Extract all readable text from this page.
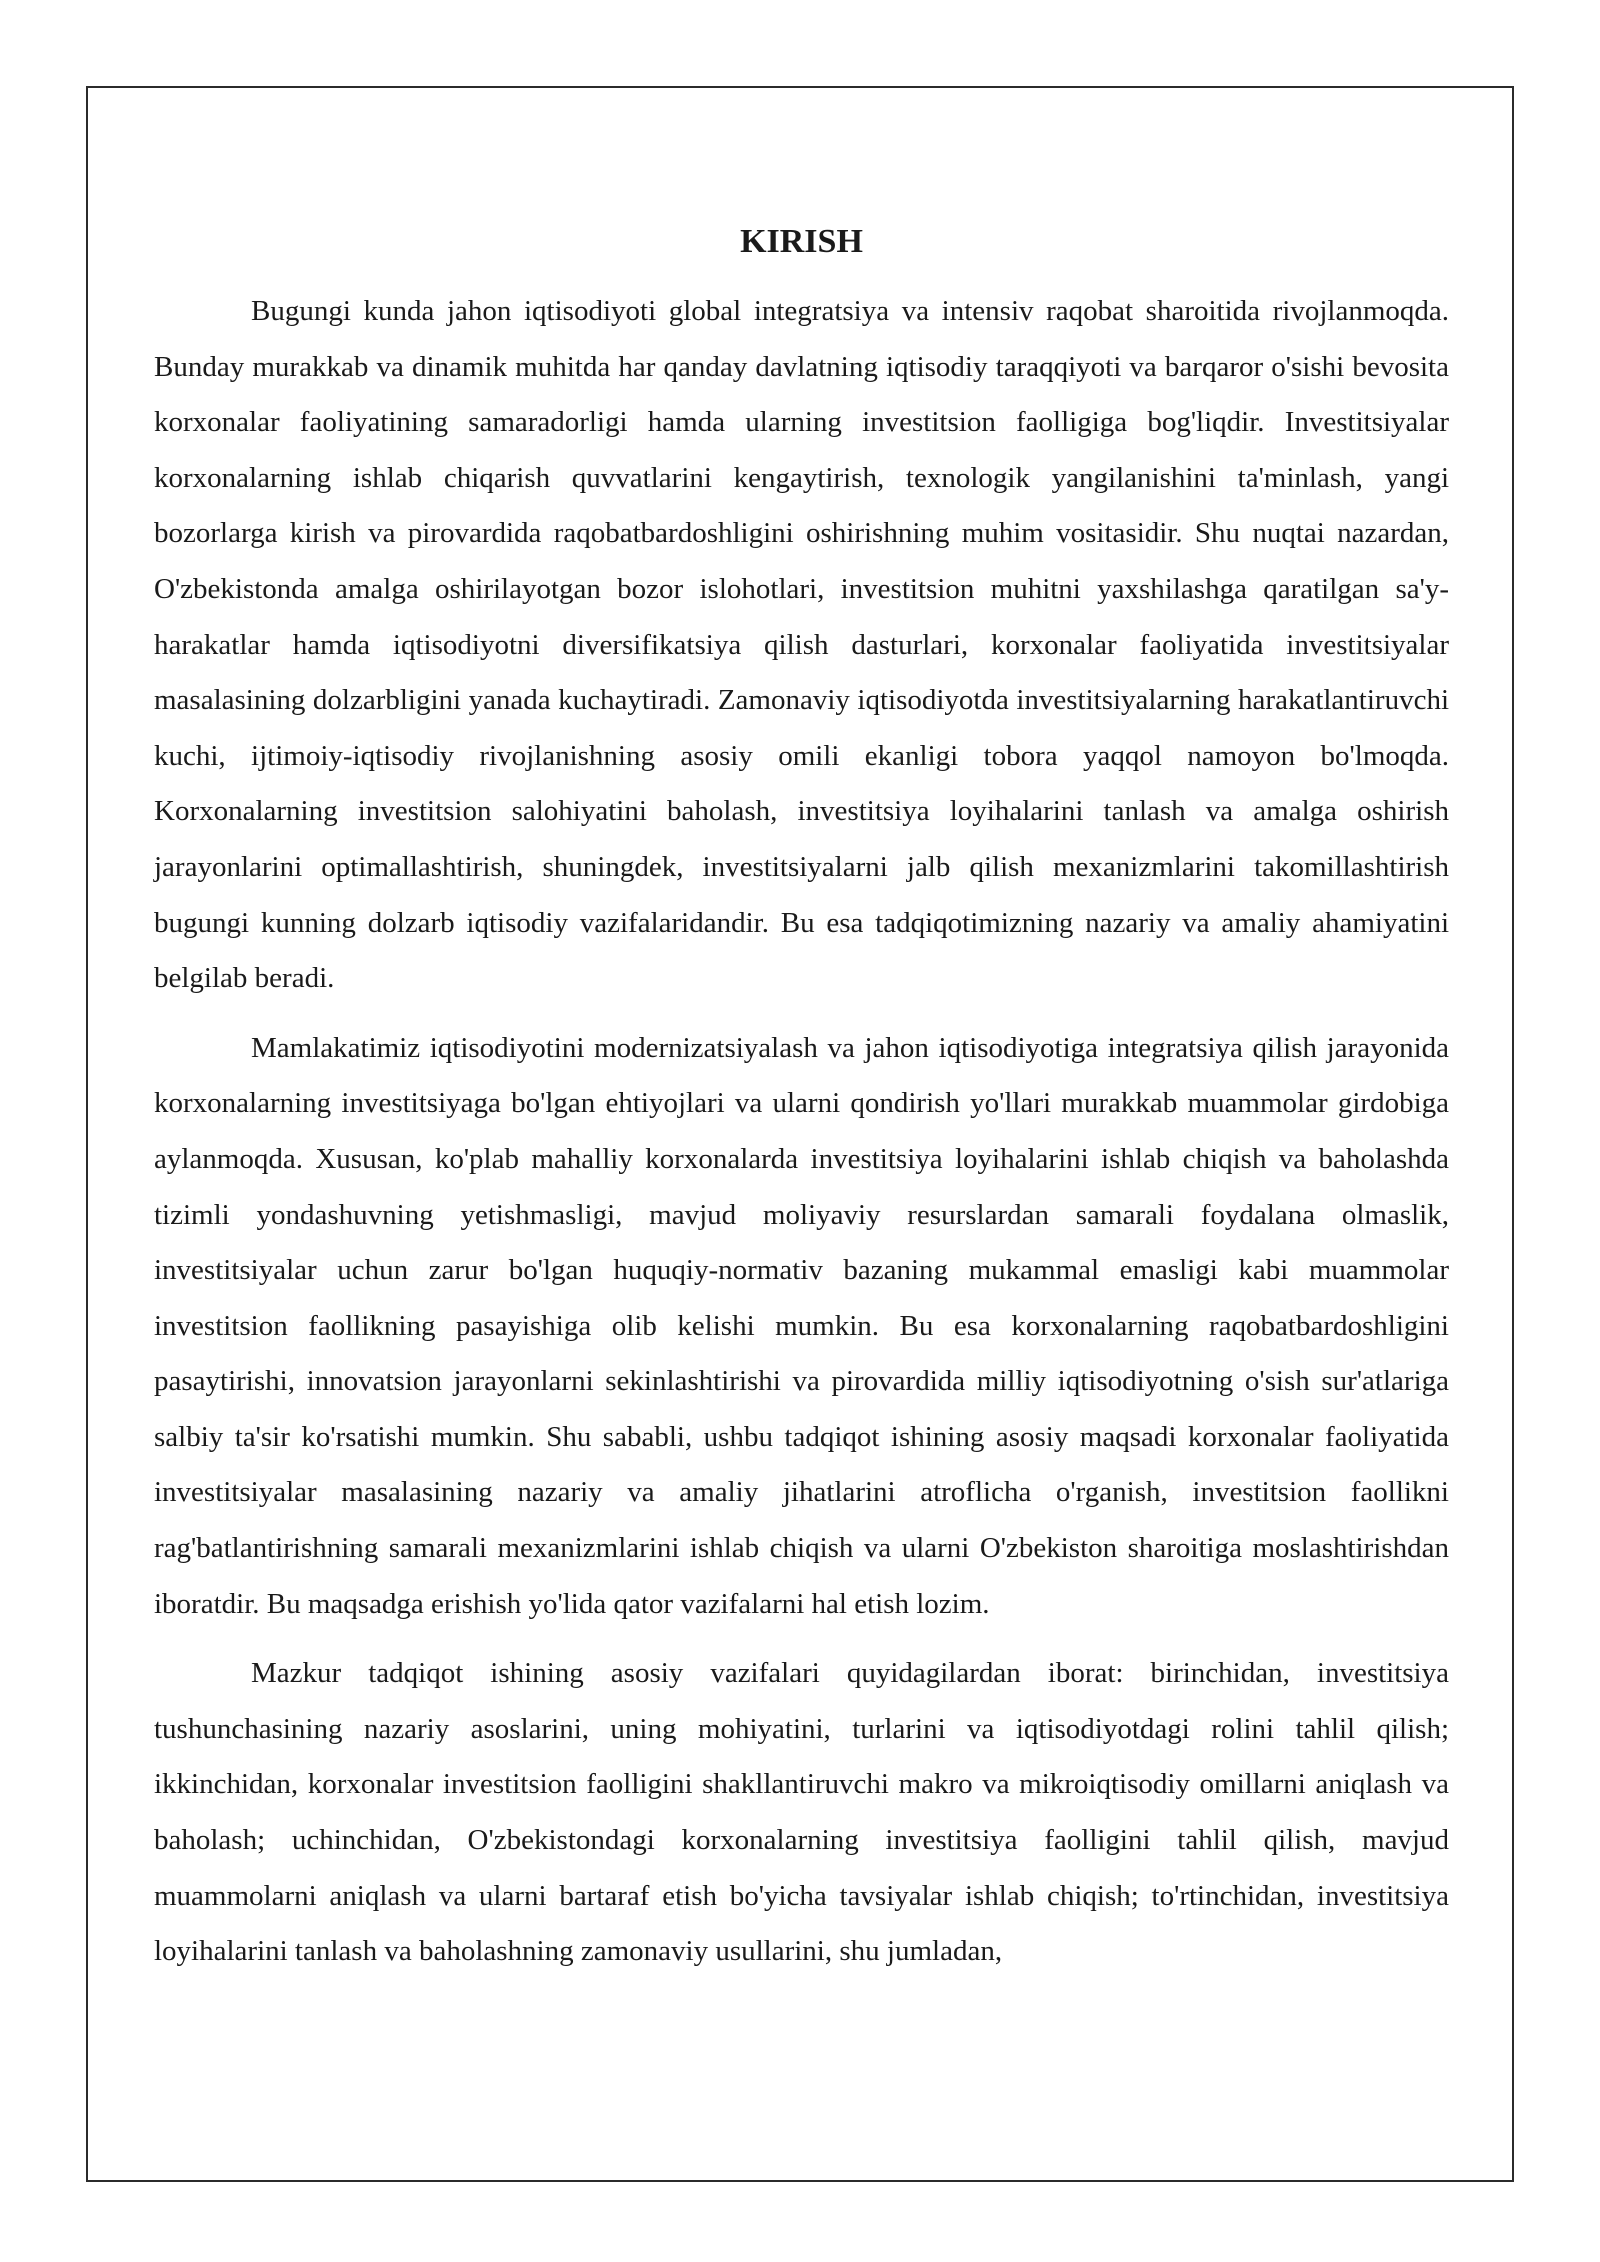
KIRISH

Bugungi kunda jahon iqtisodiyoti global integratsiya va intensiv raqobat sharoitida rivojlanmoqda. Bunday murakkab va dinamik muhitda har qanday davlatning iqtisodiy taraqqiyoti va barqaror o'sishi bevosita korxonalar faoliyatining samaradorligi hamda ularning investitsion faolligiga bog'liqdir. Investitsiyalar korxonalarning ishlab chiqarish quvvatlarini kengaytirish, texnologik yangilanishini ta'minlash, yangi bozorlarga kirish va pirovardida raqobatbardoshligini oshirishning muhim vositasidir. Shu nuqtai nazardan, O'zbekistonda amalga oshirilayotgan bozor islohotlari, investitsion muhitni yaxshilashga qaratilgan sa'y-harakatlar hamda iqtisodiyotni diversifikatsiya qilish dasturlari, korxonalar faoliyatida investitsiyalar masalasining dolzarbligini yanada kuchaytiradi. Zamonaviy iqtisodiyotda investitsiyalarning harakatlantiruvchi kuchi, ijtimoiy-iqtisodiy rivojlanishning asosiy omili ekanligi tobora yaqqol namoyon bo'lmoqda. Korxonalarning investitsion salohiyatini baholash, investitsiya loyihalarini tanlash va amalga oshirish jarayonlarini optimallashtirish, shuningdek, investitsiyalarni jalb qilish mexanizmlarini takomillashtirish bugungi kunning dolzarb iqtisodiy vazifalaridandir. Bu esa tadqiqotimizning nazariy va amaliy ahamiyatini belgilab beradi.

Mamlakatimiz iqtisodiyotini modernizatsiyalash va jahon iqtisodiyotiga integratsiya qilish jarayonida korxonalarning investitsiyaga bo'lgan ehtiyojlari va ularni qondirish yo'llari murakkab muammolar girdobiga aylanmoqda. Xususan, ko'plab mahalliy korxonalarda investitsiya loyihalarini ishlab chiqish va baholashda tizimli yondashuvning yetishmasligi, mavjud moliyaviy resurslardan samarali foydalana olmaslik, investitsiyalar uchun zarur bo'lgan huquqiy-normativ bazaning mukammal emasligi kabi muammolar investitsion faollikning pasayishiga olib kelishi mumkin. Bu esa korxonalarning raqobatbardoshligini pasaytirishi, innovatsion jarayonlarni sekinlashtirishi va pirovardida milliy iqtisodiyotning o'sish sur'atlariga salbiy ta'sir ko'rsatishi mumkin. Shu sababli, ushbu tadqiqot ishining asosiy maqsadi korxonalar faoliyatida investitsiyalar masalasining nazariy va amaliy jihatlarini atroflicha o'rganish, investitsion faollikni rag'batlantirishning samarali mexanizmlarini ishlab chiqish va ularni O'zbekiston sharoitiga moslashtirishdan iboratdir. Bu maqsadga erishish yo'lida qator vazifalarni hal etish lozim.

Mazkur tadqiqot ishining asosiy vazifalari quyidagilardan iborat: birinchidan, investitsiya tushunchasining nazariy asoslarini, uning mohiyatini, turlarini va iqtisodiyotdagi rolini tahlil qilish; ikkinchidan, korxonalar investitsion faolligini shakllantiruvchi makro va mikroiqtisodiy omillarni aniqlash va baholash; uchinchidan, O'zbekistondagi korxonalarning investitsiya faolligini tahlil qilish, mavjud muammolarni aniqlash va ularni bartaraf etish bo'yicha tavsiyalar ishlab chiqish; to'rtinchidan, investitsiya loyihalarini tanlash va baholashning zamonaviy usullarini, shu jumladan,
